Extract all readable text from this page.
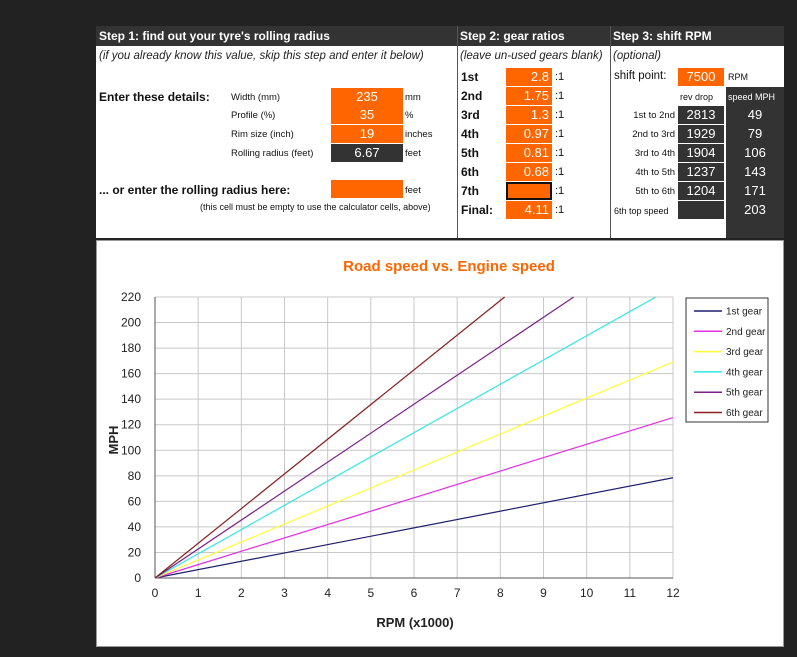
Step 1: find out your tyre's rolling radius	Step 2: gear ratios	Step 3: shift RPM
(if you already know this value, skip this step and enter it below)
Enter these details: Width (mm)	235	mm
Profile (%)	35	%
Rim size (inch)	19	inches
Rolling radius (feet)	6.67	feet
... or enter the rolling radius here:	feet
(this cell must be empty to use the calculator cells, above)
(leave un-used gears blank)
1st	2.8 :1
2nd	1.75 :1
3rd	1.3 :1
4th	0.97 :1
5th	0.81 :1
6th	0.68 :1
7th	:1
Final:	4.11 :1
(optional)
shift point:	7500	RPM
rev drop speed MPH
1st to 2nd 2813	49
2nd to 3rd 1929	79
3rd to 4th 1904	106
4th to 5th 1237	143
5th to 6th 1204	171
6th top speed	203
Road speed vs. Engine speed
0	1	2	3	4	5	6	7	8	9	10	11	12
0
20
40
60
80
100
120
140
160
180
200
220
RPM (x1000)
MPH
1st gear
2nd gear
3rd gear
4th gear
5th gear
6th gear
